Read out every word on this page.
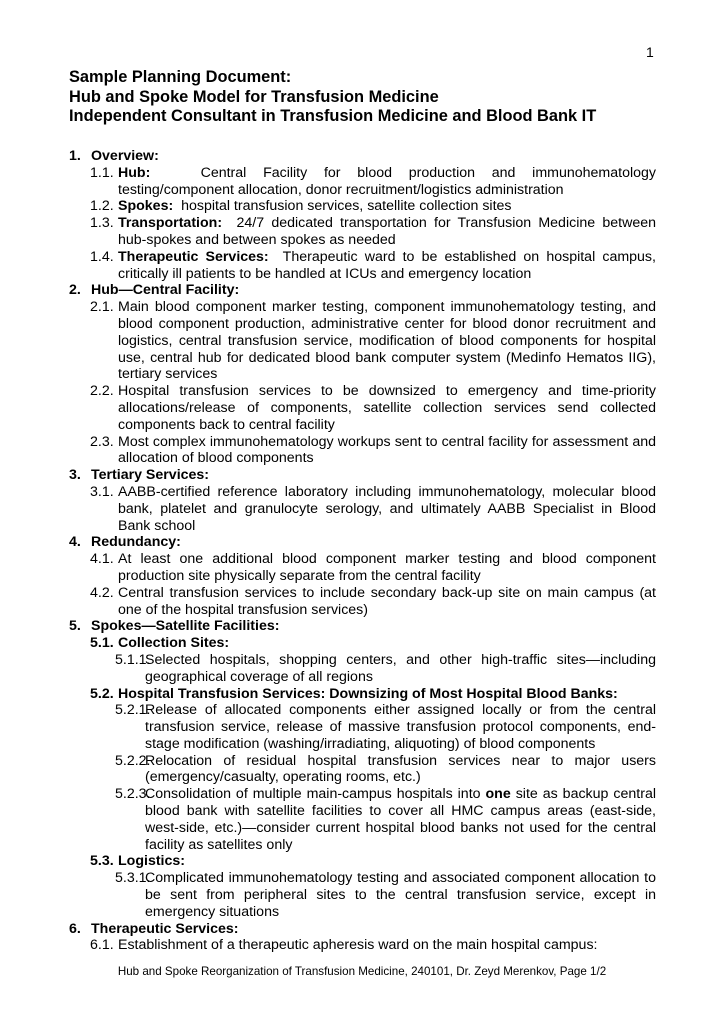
1
Sample Planning Document:
Hub and Spoke Model for Transfusion Medicine
Independent Consultant in Transfusion Medicine and Blood Bank IT
1. Overview:
1.1. Hub:	Central Facility for blood production and immunohematology testing/component allocation, donor recruitment/logistics administration
1.2. Spokes: hospital transfusion services, satellite collection sites
1.3. Transportation: 24/7 dedicated transportation for Transfusion Medicine between hub-spokes and between spokes as needed
1.4. Therapeutic Services: Therapeutic ward to be established on hospital campus, critically ill patients to be handled at ICUs and emergency location
2. Hub—Central Facility:
2.1. Main blood component marker testing, component immunohematology testing, and blood component production, administrative center for blood donor recruitment and logistics, central transfusion service, modification of blood components for hospital use, central hub for dedicated blood bank computer system (Medinfo Hematos IIG), tertiary services
2.2. Hospital transfusion services to be downsized to emergency and time-priority allocations/release of components, satellite collection services send collected components back to central facility
2.3. Most complex immunohematology workups sent to central facility for assessment and allocation of blood components
3. Tertiary Services:
3.1. AABB-certified reference laboratory including immunohematology, molecular blood bank, platelet and granulocyte serology, and ultimately AABB Specialist in Blood Bank school
4. Redundancy:
4.1. At least one additional blood component marker testing and blood component production site physically separate from the central facility
4.2. Central transfusion services to include secondary back-up site on main campus (at one of the hospital transfusion services)
5. Spokes—Satellite Facilities:
5.1. Collection Sites:
5.1.1.
Selected hospitals, shopping centers, and other high-traffic sites—including geographical coverage of all regions
5.2. Hospital Transfusion Services: Downsizing of Most Hospital Blood Banks:
5.2.1.
Release of allocated components either assigned locally or from the central transfusion service, release of massive transfusion protocol components, end-stage modification (washing/irradiating, aliquoting) of blood components
5.2.2.
Relocation of residual hospital transfusion services near to major users (emergency/casualty, operating rooms, etc.)
5.2.3.
Consolidation of multiple main-campus hospitals into one site as backup central blood bank with satellite facilities to cover all HMC campus areas (east-side, west-side, etc.)—consider current hospital blood banks not used for the central facility as satellites only
5.3. Logistics:
5.3.1.
Complicated immunohematology testing and associated component allocation to be sent from peripheral sites to the central transfusion service, except in emergency situations
6. Therapeutic Services:
6.1. Establishment of a therapeutic apheresis ward on the main hospital campus:
Hub and Spoke Reorganization of Transfusion Medicine, 240101, Dr. Zeyd Merenkov, Page 1/2
